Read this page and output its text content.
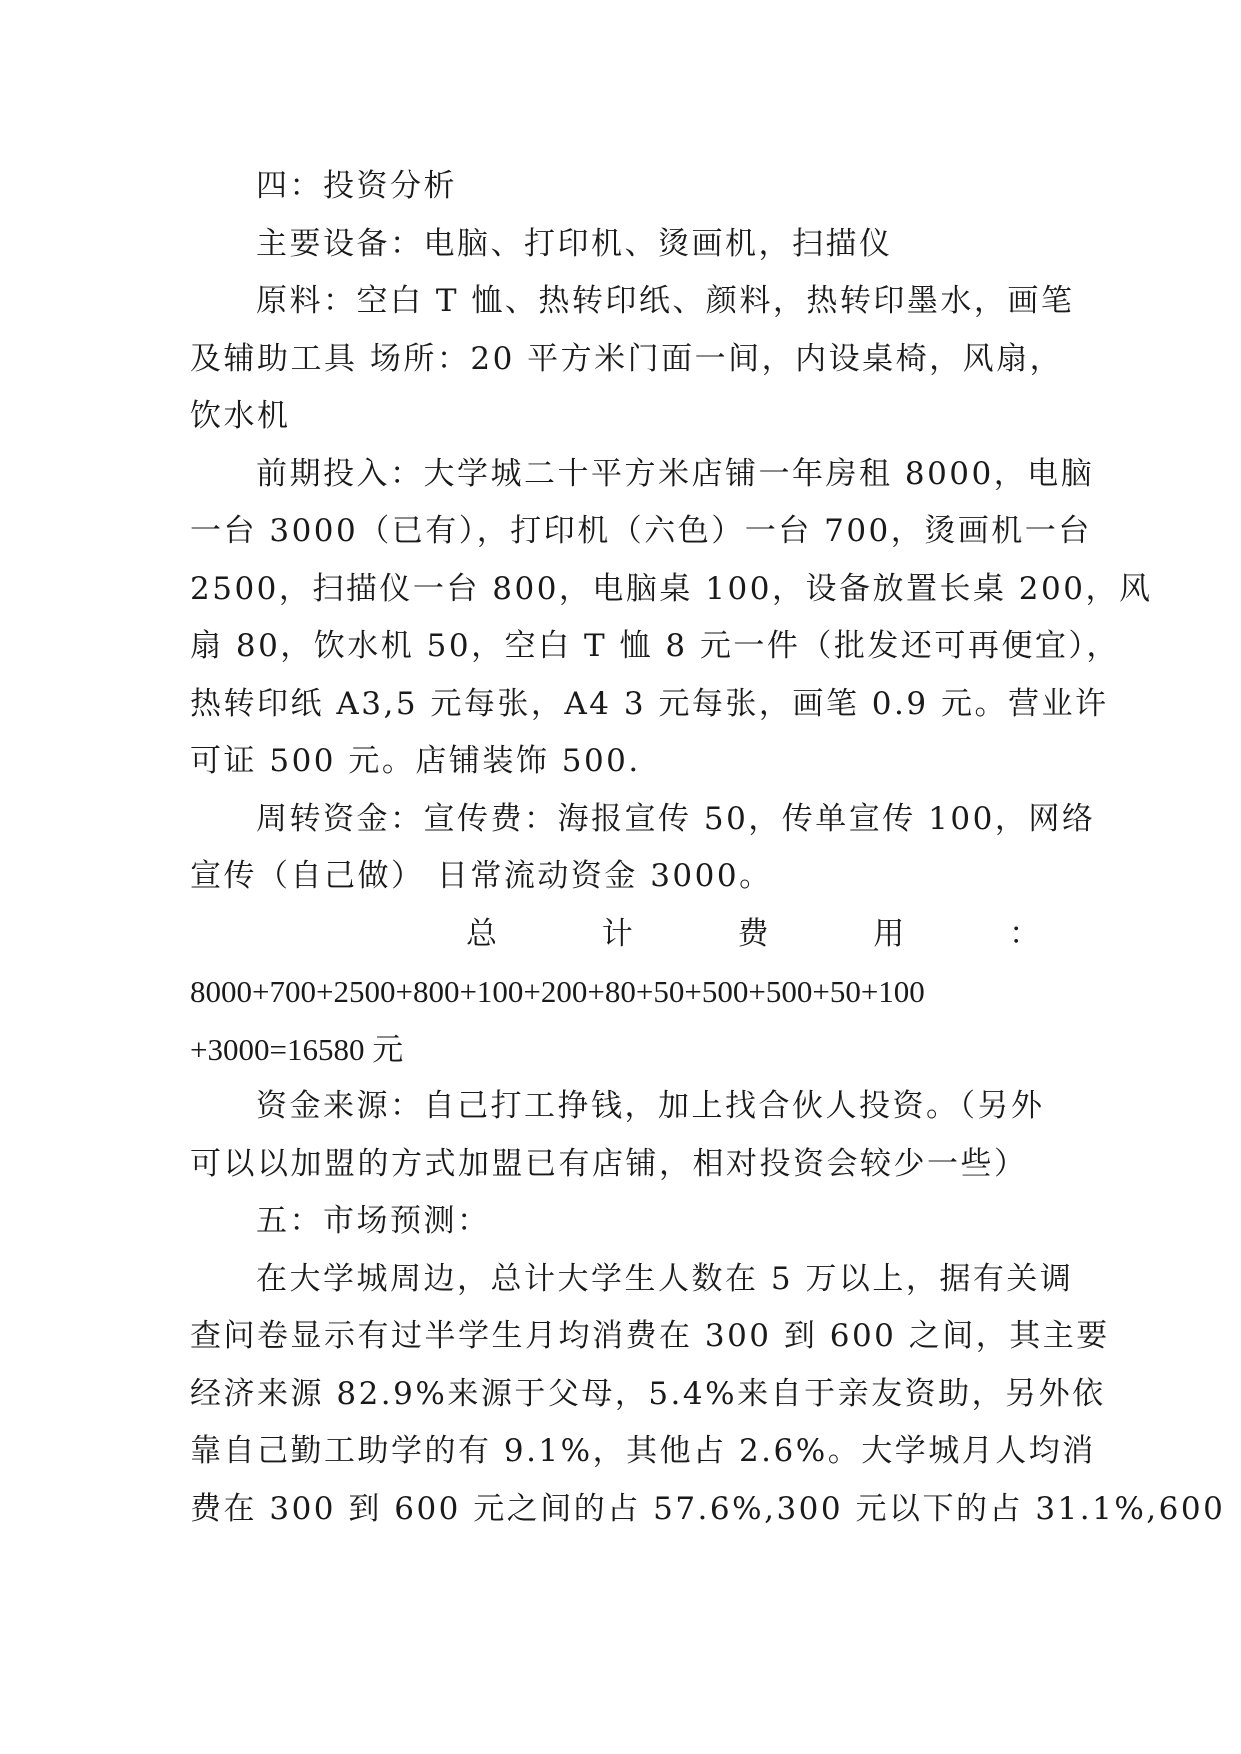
四：投资分析
主要设备：电脑、打印机、烫画机，扫描仪
原料：空白 T 恤、热转印纸、颜料，热转印墨水，画笔
及辅助工具 场所：20 平方米门面一间，内设桌椅，风扇，
饮水机
前期投入：大学城二十平方米店铺一年房租 8000，电脑
一台 3000（已有），打印机（六色）一台 700，烫画机一台
2500，扫描仪一台 800，电脑桌 100，设备放置长桌 200，风
扇 80，饮水机 50，空白 T 恤 8 元一件（批发还可再便宜），
热转印纸 A3,5 元每张，A4 3 元每张，画笔 0.9 元。营业许
可证 500 元。店铺装饰 500.
周转资金：宣传费：海报宣传 50，传单宣传 100，网络
宣传（自己做） 日常流动资金 3000。
总	计	费	用	：
8000+700+2500+800+100+200+80+50+500+500+50+100
+3000=16580 元
资金来源：自己打工挣钱，加上找合伙人投资。（另外
可以以加盟的方式加盟已有店铺，相对投资会较少一些）
五：市场预测：
在大学城周边，总计大学生人数在 5 万以上，据有关调
查问卷显示有过半学生月均消费在 300 到 600 之间，其主要
经济来源 82.9%来源于父母，5.4%来自于亲友资助，另外依
靠自己勤工助学的有 9.1%，其他占 2.6%。大学城月人均消
费在 300 到 600 元之间的占 57.6%,300 元以下的占 31.1%,600
